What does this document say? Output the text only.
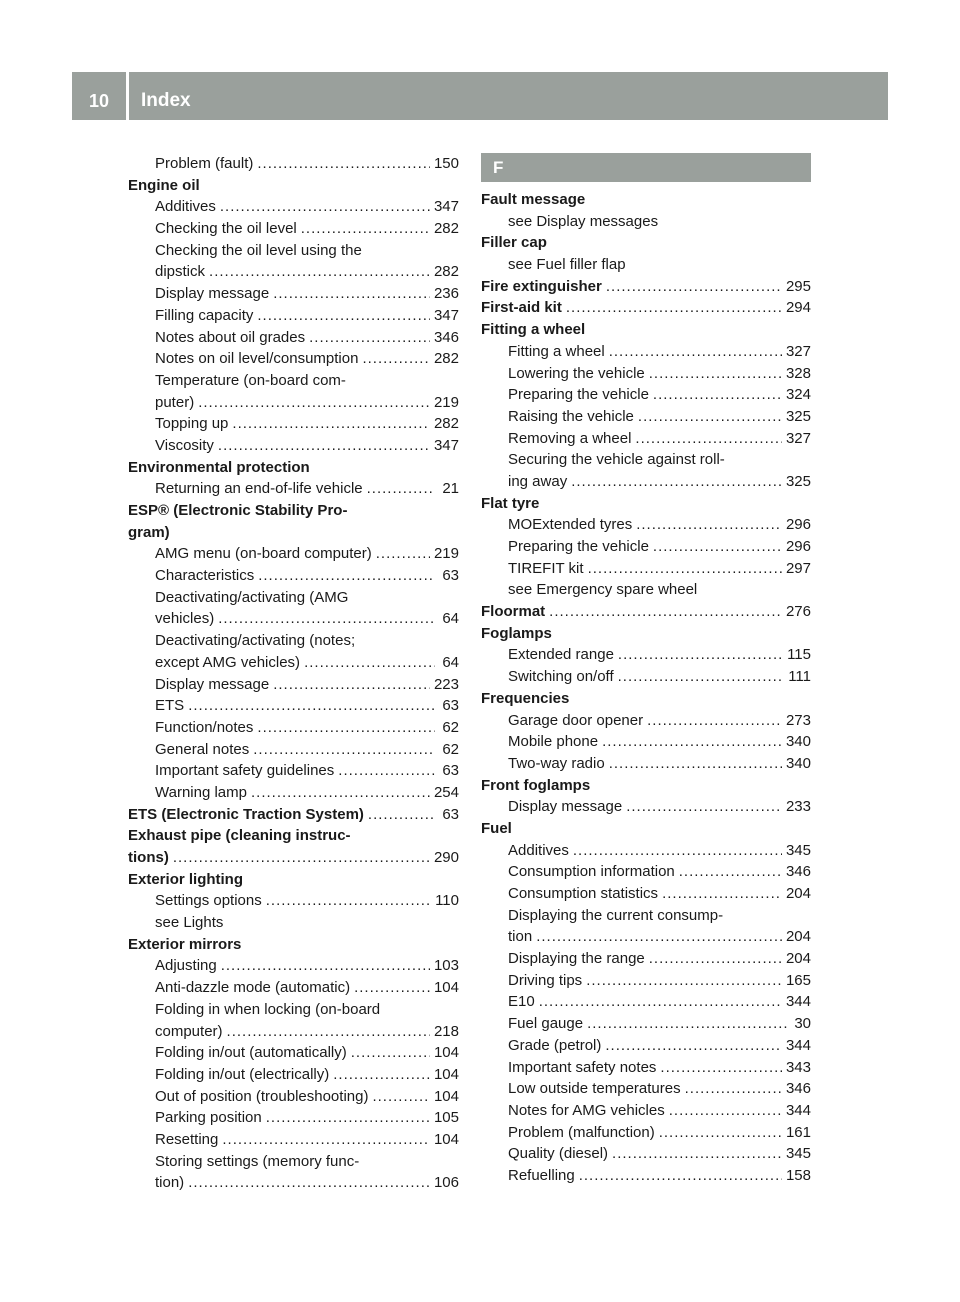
10	Index
Problem (fault) .....	150
Engine oil
Additives .....	347
Checking the oil level .....	282
Checking the oil level using the
dipstick .....	282
Display message .....	236
Filling capacity .....	347
Notes about oil grades .....	346
Notes on oil level/consumption .....	282
Temperature (on-board com-
puter) .....	219
Topping up .....	282
Viscosity .....	347
Environmental protection
Returning an end-of-life vehicle .....	21
ESP® (Electronic Stability Pro-
gram)
AMG menu (on-board computer) .....	219
Characteristics .....	63
Deactivating/activating (AMG
vehicles) .....	64
Deactivating/activating (notes;
except AMG vehicles) .....	64
Display message .....	223
ETS .....	63
Function/notes .....	62
General notes .....	62
Important safety guidelines .....	63
Warning lamp .....	254
ETS (Electronic Traction System) .....	63
Exhaust pipe (cleaning instruc-
tions) .....	290
Exterior lighting
Settings options .....	110
see Lights
Exterior mirrors
Adjusting .....	103
Anti-dazzle mode (automatic) .....	104
Folding in when locking (on-board
computer) .....	218
Folding in/out (automatically) .....	104
Folding in/out (electrically) .....	104
Out of position (troubleshooting) .....	104
Parking position .....	105
Resetting .....	104
Storing settings (memory func-
tion) .....	106
F
Fault message
see Display messages
Filler cap
see Fuel filler flap
Fire extinguisher .....	295
First-aid kit .....	294
Fitting a wheel
Fitting a wheel .....	327
Lowering the vehicle .....	328
Preparing the vehicle .....	324
Raising the vehicle .....	325
Removing a wheel .....	327
Securing the vehicle against roll-
ing away .....	325
Flat tyre
MOExtended tyres .....	296
Preparing the vehicle .....	296
TIREFIT kit .....	297
see Emergency spare wheel
Floormat .....	276
Foglamps
Extended range .....	115
Switching on/off .....	111
Frequencies
Garage door opener .....	273
Mobile phone .....	340
Two-way radio .....	340
Front foglamps
Display message .....	233
Fuel
Additives .....	345
Consumption information .....	346
Consumption statistics .....	204
Displaying the current consump-
tion .....	204
Displaying the range .....	204
Driving tips .....	165
E10 .....	344
Fuel gauge .....	30
Grade (petrol) .....	344
Important safety notes .....	343
Low outside temperatures .....	346
Notes for AMG vehicles .....	344
Problem (malfunction) .....	161
Quality (diesel) .....	345
Refuelling .....	158
